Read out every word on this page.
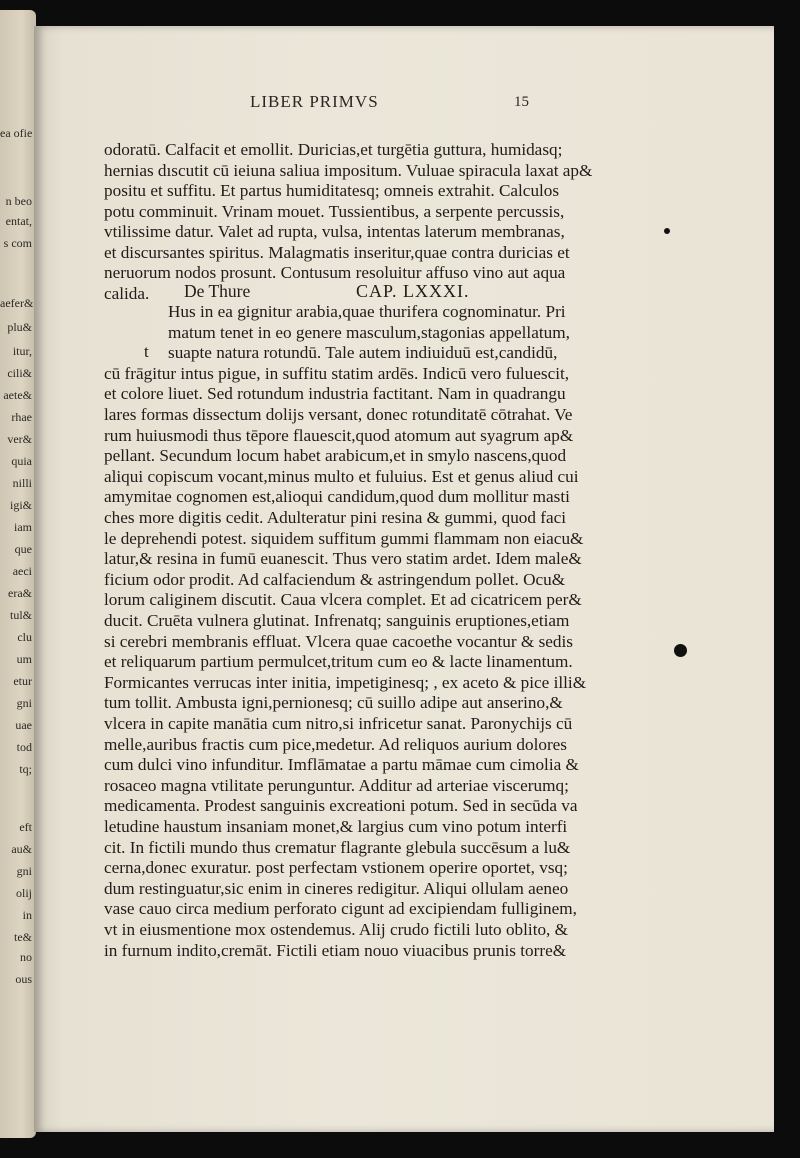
ea ofie
n beo
entat,
s com
aefer&
plu&
itur,
cili&
aete&
rhae
ver&
quia
nilli
igi&
iam
que
aeci
era&
tul&
clu
um
etur
gni
uae
tod
tq;
eft
au&
gni
olij
in
te&
no
ous
LIBER PRIMVS	15
odoratū. Calfacit et emollit. Duricias,et turgētia guttura, humidasq;
hernias dıscutit cū ieiuna saliua impositum. Vuluae spiracula laxat ap&
positu et suffitu. Et partus humiditatesq; omneis extrahit. Calculos
potu comminuit. Vrinam mouet. Tussientibus, a serpente percussis,
vtilissime datur. Valet ad rupta, vulsa, intentas laterum membranas,
et discursantes spiritus. Malagmatis inseritur,quae contra duricias et
neruorum nodos prosunt. Contusum resoluitur affuso vino aut aqua
calida. De Thure	CAP. LXXXI.
t
Hus in ea gignitur arabia,quae thurifera cognominatur. Pri
matum tenet in eo genere masculum,stagonias appellatum,
suapte natura rotundū. Tale autem indiuiduū est,candidū,
cū frāgitur intus pigue, in suffitu statim ardēs. Indicū vero fuluescit,
et colore liuet. Sed rotundum industria factitant. Nam in quadrangu
lares formas dissectum dolijs versant, donec rotunditatē cōtrahat. Ve
rum huiusmodi thus tēpore flauescit,quod atomum aut syagrum ap&
pellant. Secundum locum habet arabicum,et in smylo nascens,quod
aliqui copiscum vocant,minus multo et fuluius. Est et genus aliud cui
amymitae cognomen est,alioqui candidum,quod dum mollitur masti
ches more digitis cedit. Adulteratur pini resina & gummi, quod faci
le deprehendi potest. siquidem suffitum gummi flammam non eiacu&
latur,& resina in fumū euanescit. Thus vero statim ardet. Idem male&
ficium odor prodit. Ad calfaciendum & astringendum pollet. Ocu&
lorum caliginem discutit. Caua vlcera complet. Et ad cicatricem per&
ducit. Cruēta vulnera glutinat. Infrenatq; sanguinis eruptiones,etiam
si cerebri membranis effluat. Vlcera quae cacoethe vocantur & sedis
et reliquarum partium permulcet,tritum cum eo & lacte linamentum.
Formicantes verrucas inter initia, impetiginesq; , ex aceto & pice illi&
tum tollit. Ambusta igni,pernionesq; cū suillo adipe aut anserino,&
vlcera in capite manātia cum nitro,si infricetur sanat. Paronychijs cū
melle,auribus fractis cum pice,medetur. Ad reliquos aurium dolores
cum dulci vino infunditur. Imflāmatae a partu māmae cum cimolia &
rosaceo magna vtilitate perunguntur. Additur ad arteriae viscerumq;
medicamenta. Prodest sanguinis excreationi potum. Sed in secūda va
letudine haustum insaniam monet,& largius cum vino potum interfi
cit. In fictili mundo thus crematur flagrante glebula succēsum a lu&
cerna,donec exuratur. post perfectam vstionem operire oportet, vsq;
dum restinguatur,sic enim in cineres redigitur. Aliqui ollulam aeneo
vase cauo circa medium perforato cigunt ad excipiendam fulliginem,
vt in eiusmentione mox ostendemus. Alij crudo fictili luto oblito, &
in furnum indito,cremāt. Fictili etiam nouo viuacibus prunis torre&
